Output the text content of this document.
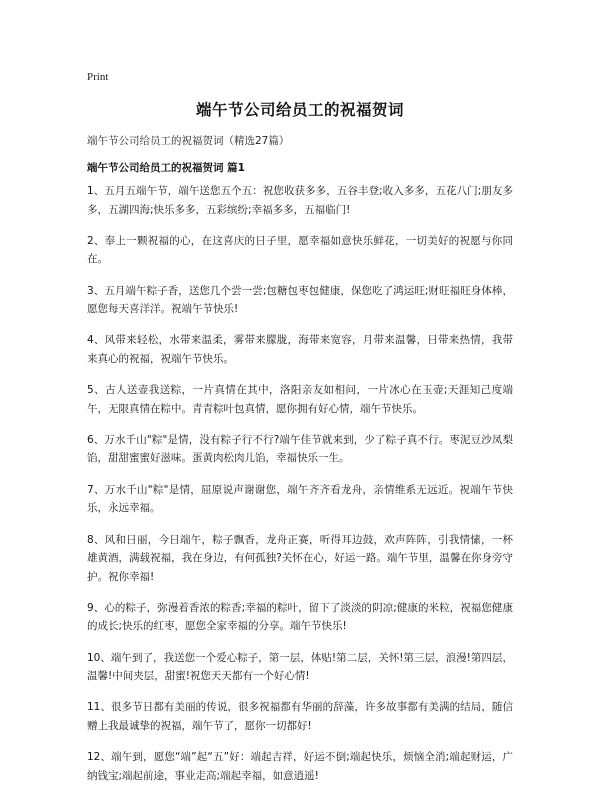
Print
端午节公司给员工的祝福贺词
端午节公司给员工的祝福贺词（精选27篇）
端午节公司给员工的祝福贺词 篇1

1、五月五端午节，端午送您五个五：祝您收获多多，五谷丰登;收入多多，五花八门;朋友多多，五湖四海;快乐多多，五彩缤纷;幸福多多，五福临门!

2、奉上一颗祝福的心，在这喜庆的日子里，愿幸福如意快乐鲜花，一切美好的祝愿与你同在。

3、五月端午粽子香，送您几个尝一尝;包糖包枣包健康，保您吃了鸿运旺;财旺福旺身体棒，愿您每天喜洋洋。祝端午节快乐!

4、风带来轻松，水带来温柔，雾带来朦胧，海带来宽容，月带来温馨，日带来热情，我带来真心的祝福，祝端午节快乐。

5、古人送壶我送粽，一片真情在其中，洛阳亲友如相问，一片冰心在玉壶;天涯知己度端午，无限真情在粽中。青青粽叶包真情，愿你拥有好心情，端午节快乐。

6、万水千山"粽"是情，没有粽子行不行?端午佳节就来到，少了粽子真不行。枣泥豆沙凤梨馅，甜甜蜜蜜好滋味。蛋黄肉松肉儿馅，幸福快乐一生。

7、万水千山"粽"是情，屈原说声谢谢您，端午齐齐看龙舟，亲情维系无远近。祝端午节快乐，永远幸福。

8、风和日丽，今日端午，粽子飘香，龙舟正赛，听得耳边鼓，欢声阵阵，引我情愫，一杯雄黄酒，满载祝福，我在身边，有何孤独?关怀在心，好运一路。端午节里，温馨在你身旁守护。祝你幸福!

9、心的粽子，弥漫着香浓的粽香;幸福的粽叶，留下了淡淡的阴凉;健康的米粒，祝福您健康的成长;快乐的红枣，愿您全家幸福的分享。端午节快乐!

10、端午到了，我送您一个爱心粽子，第一层，体贴!第二层，关怀!第三层，浪漫!第四层，温馨!中间夹层，甜蜜!祝您天天都有一个好心情!

11、很多节日都有美丽的传说，很多祝福都有华丽的辞藻，许多故事都有美满的结局，随信赠上我最诚挚的祝福，端午节了，愿你一切都好!

12、端午到，愿您“端”起“五”好：端起吉祥，好运不倒;端起快乐，烦恼全消;端起财运，广纳钱宝;端起前途，事业走高;端起幸福，如意逍遥!
